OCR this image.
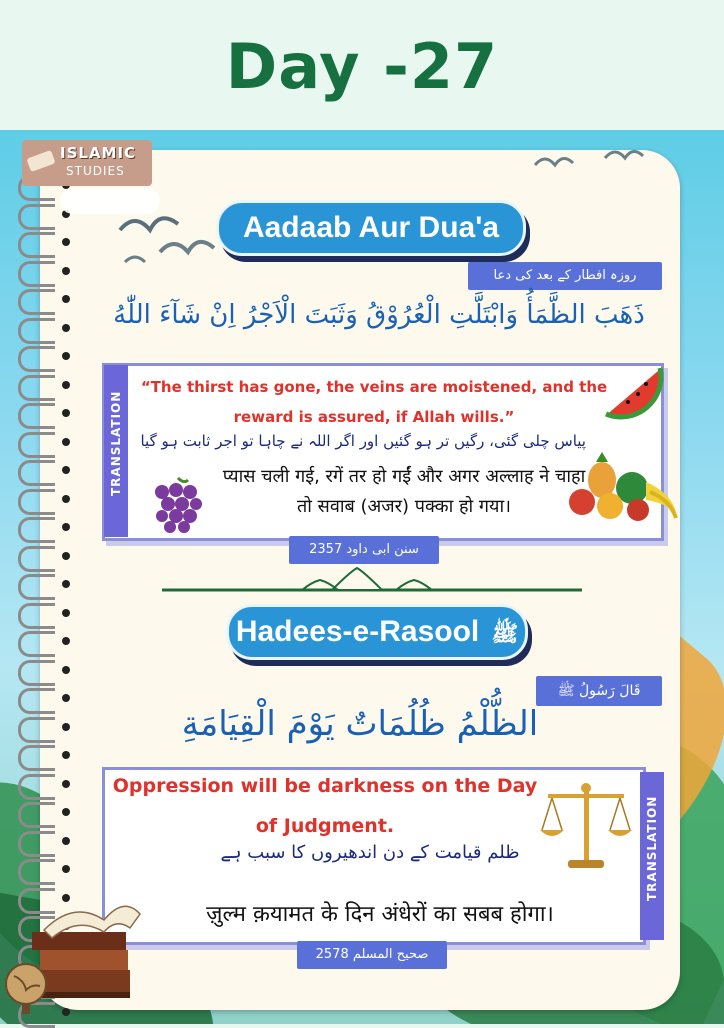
Day -27
ISLAMIC
STUDIES
Aadaab Aur Dua'a
روزہ افطار کے بعد کی دعا
ذَهَبَ الظَّمَأُ وَابْتَلَّتِ الْعُرُوْقُ وَثَبَتَ الْاَجْرُ اِنْ شَآءَ اللّٰهُ
TRANSLATION
“The thirst has gone, the veins are moistened, and the reward is assured, if Allah wills.”
پیاس چلی گئی، رگیں تر ہو گئیں اور اگر اللہ نے چاہا تو اجر ثابت ہو گیا
प्यास चली गई, रगें तर हो गईं और अगर अल्लाह ने चाहा तो सवाब (अजर) पक्का हो गया।
سنن ابی داود 2357
Hadees-e-Rasool ﷺ
قَالَ رَسُولُ ﷺ
الظُّلْمُ ظُلُمَاتٌ يَوْمَ الْقِيَامَةِ
TRANSLATION
Oppression will be darkness on the Day of Judgment.
ظلم قیامت کے دن اندھیروں کا سبب ہے
ज़ुल्म क़यामत के दिन अंधेरों का सबब होगा।
صحیح المسلم 2578
